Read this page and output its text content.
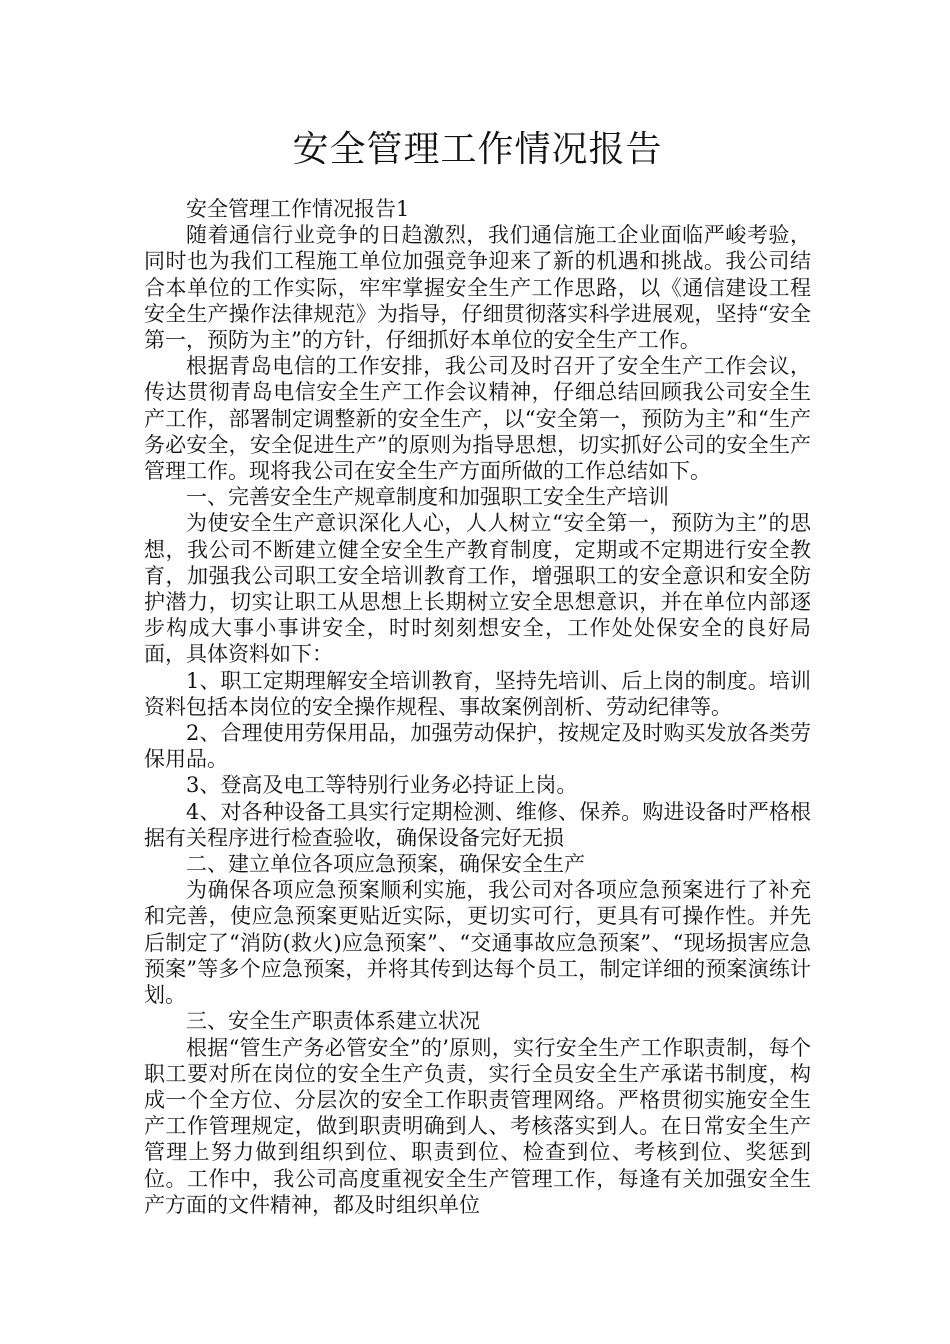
安全管理工作情况报告

安全管理工作情况报告1

随着通信行业竞争的日趋激烈，我们通信施工企业面临严峻考验，同时也为我们工程施工单位加强竞争迎来了新的机遇和挑战。我公司结合本单位的工作实际，牢牢掌握安全生产工作思路，以《通信建设工程安全生产操作法律规范》为指导，仔细贯彻落实科学进展观，坚持“安全第一，预防为主”的方针，仔细抓好本单位的安全生产工作。

根据青岛电信的工作安排，我公司及时召开了安全生产工作会议，传达贯彻青岛电信安全生产工作会议精神，仔细总结回顾我公司安全生产工作，部署制定调整新的安全生产，以“安全第一，预防为主”和“生产务必安全，安全促进生产”的原则为指导思想，切实抓好公司的安全生产管理工作。现将我公司在安全生产方面所做的工作总结如下。

一、完善安全生产规章制度和加强职工安全生产培训

为使安全生产意识深化人心，人人树立“安全第一，预防为主”的思想，我公司不断建立健全安全生产教育制度，定期或不定期进行安全教育，加强我公司职工安全培训教育工作，增强职工的安全意识和安全防护潜力，切实让职工从思想上长期树立安全思想意识，并在单位内部逐步构成大事小事讲安全，时时刻刻想安全，工作处处保安全的良好局面，具体资料如下：

1、职工定期理解安全培训教育，坚持先培训、后上岗的制度。培训资料包括本岗位的安全操作规程、事故案例剖析、劳动纪律等。

2、合理使用劳保用品，加强劳动保护，按规定及时购买发放各类劳保用品。

3、登高及电工等特别行业务必持证上岗。

4、对各种设备工具实行定期检测、维修、保养。购进设备时严格根据有关程序进行检查验收，确保设备完好无损

二、建立单位各项应急预案，确保安全生产

为确保各项应急预案顺利实施，我公司对各项应急预案进行了补充和完善，使应急预案更贴近实际，更切实可行，更具有可操作性。并先后制定了“消防(救火)应急预案”、“交通事故应急预案”、“现场损害应急预案”等多个应急预案，并将其传到达每个员工，制定详细的预案演练计划。

三、安全生产职责体系建立状况

根据“管生产务必管安全”的’原则，实行安全生产工作职责制，每个职工要对所在岗位的安全生产负责，实行全员安全生产承诺书制度，构成一个全方位、分层次的安全工作职责管理网络。严格贯彻实施安全生产工作管理规定，做到职责明确到人、考核落实到人。在日常安全生产管理上努力做到组织到位、职责到位、检查到位、考核到位、奖惩到位。工作中，我公司高度重视安全生产管理工作，每逢有关加强安全生产方面的文件精神，都及时组织单位
